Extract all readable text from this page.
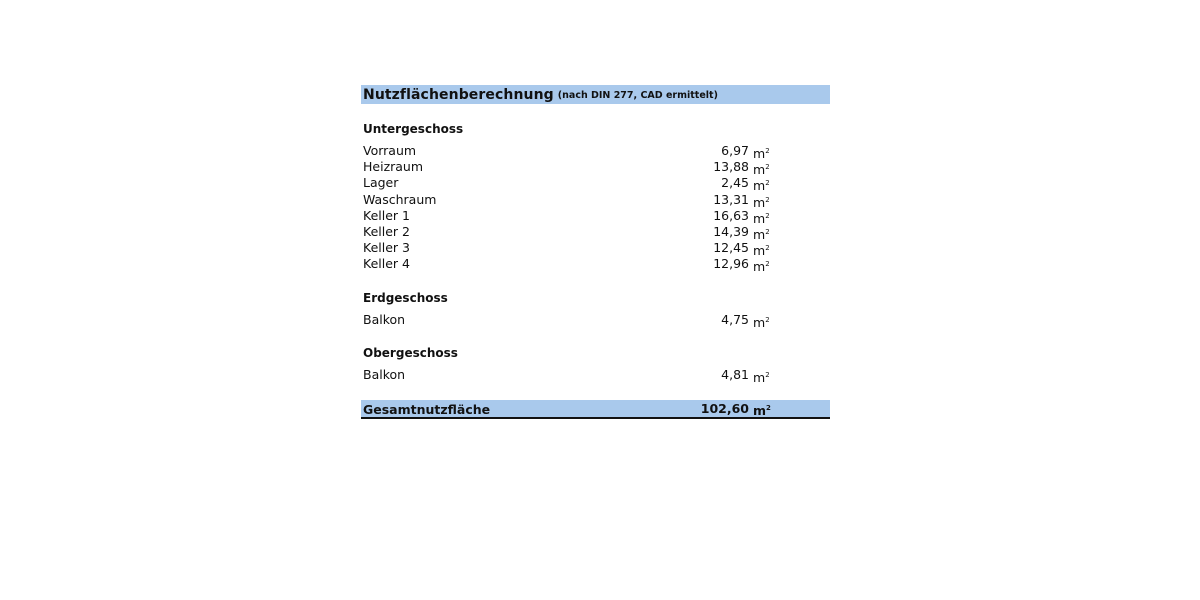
Nutzflächenberechnung (nach DIN 277, CAD ermittelt)
Untergeschoss
Vorraum	6,97 $m^2$
Heizraum	13,88 $m^2$
Lager	2,45 $m^2$
Waschraum	13,31 $m^2$
Keller 1	16,63 $m^2$
Keller 2	14,39 $m^2$
Keller 3	12,45 $m^2$
Keller 4	12,96 $m^2$
Erdgeschoss
Balkon	4,75 $m^2$
Obergeschoss
Balkon	4,81 $m^2$
Gesamtnutzfläche	102,60 $m^2$
